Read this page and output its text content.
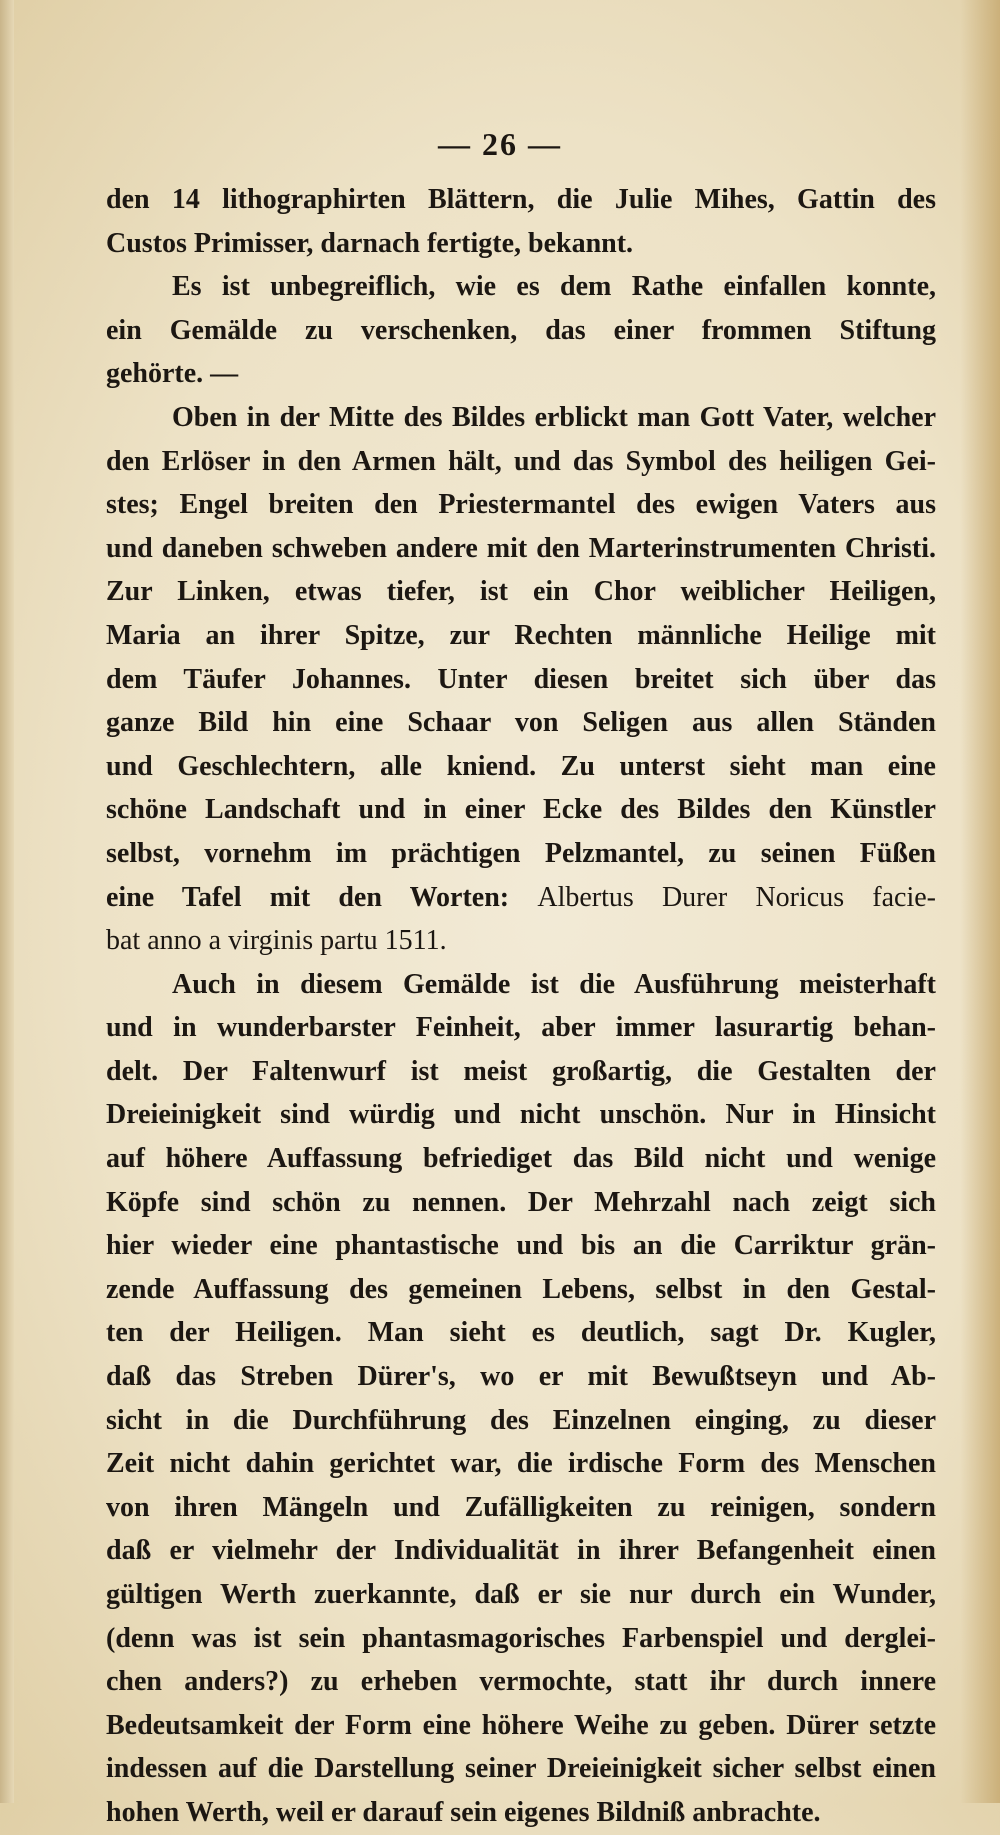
— 26 —
den 14 lithographirten Blättern, die Julie Mihes, Gattin des
Custos Primisser, darnach fertigte, bekannt.
Es ist unbegreiflich, wie es dem Rathe einfallen konnte,
ein Gemälde zu verschenken, das einer frommen Stiftung
gehörte. —
Oben in der Mitte des Bildes erblickt man Gott Vater, welcher
den Erlöser in den Armen hält, und das Symbol des heiligen Gei-
stes; Engel breiten den Priestermantel des ewigen Vaters aus
und daneben schweben andere mit den Marterinstrumenten Christi.
Zur Linken, etwas tiefer, ist ein Chor weiblicher Heiligen,
Maria an ihrer Spitze, zur Rechten männliche Heilige mit
dem Täufer Johannes. Unter diesen breitet sich über das
ganze Bild hin eine Schaar von Seligen aus allen Ständen
und Geschlechtern, alle kniend. Zu unterst sieht man eine
schöne Landschaft und in einer Ecke des Bildes den Künstler
selbst, vornehm im prächtigen Pelzmantel, zu seinen Füßen
eine Tafel mit den Worten: Albertus Durer Noricus facie-
bat anno a virginis partu 1511.
Auch in diesem Gemälde ist die Ausführung meisterhaft
und in wunderbarster Feinheit, aber immer lasurartig behan-
delt. Der Faltenwurf ist meist großartig, die Gestalten der
Dreieinigkeit sind würdig und nicht unschön. Nur in Hinsicht
auf höhere Auffassung befriediget das Bild nicht und wenige
Köpfe sind schön zu nennen. Der Mehrzahl nach zeigt sich
hier wieder eine phantastische und bis an die Carriktur grän-
zende Auffassung des gemeinen Lebens, selbst in den Gestal-
ten der Heiligen. Man sieht es deutlich, sagt Dr. Kugler,
daß das Streben Dürer's, wo er mit Bewußtseyn und Ab-
sicht in die Durchführung des Einzelnen einging, zu dieser
Zeit nicht dahin gerichtet war, die irdische Form des Menschen
von ihren Mängeln und Zufälligkeiten zu reinigen, sondern
daß er vielmehr der Individualität in ihrer Befangenheit einen
gültigen Werth zuerkannte, daß er sie nur durch ein Wunder,
(denn was ist sein phantasmagorisches Farbenspiel und derglei-
chen anders?) zu erheben vermochte, statt ihr durch innere
Bedeutsamkeit der Form eine höhere Weihe zu geben. Dürer setzte
indessen auf die Darstellung seiner Dreieinigkeit sicher selbst einen
hohen Werth, weil er darauf sein eigenes Bildniß anbrachte.
